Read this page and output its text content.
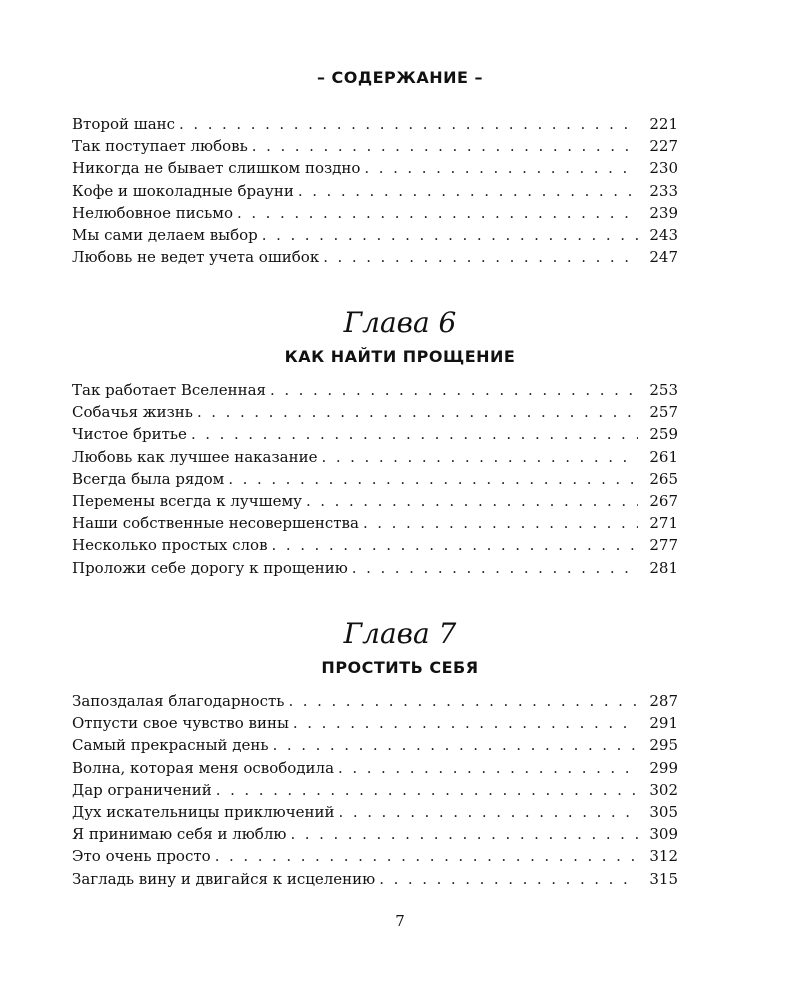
– СОДЕРЖАНИЕ –
Второй шанс . . .	221
Так поступает любовь . . .	227
Никогда не бывает слишком поздно . . .	230
Кофе и шоколадные брауни . . .	233
Нелюбовное письмо . . .	239
Мы сами делаем выбор . . .	243
Любовь не ведет учета ошибок . . .	247
Глава 6
КАК НАЙТИ ПРОЩЕНИЕ
Так работает Вселенная . . .	253
Собачья жизнь . . .	257
Чистое бритье . . .	259
Любовь как лучшее наказание . . .	261
Всегда была рядом . . .	265
Перемены всегда к лучшему . . .	267
Наши собственные несовершенства . . .	271
Несколько простых слов . . .	277
Проложи себе дорогу к прощению . . .	281
Глава 7
ПРОСТИТЬ СЕБЯ
Запоздалая благодарность . . .	287
Отпусти свое чувство вины . . .	291
Самый прекрасный день . . .	295
Волна, которая меня освободила . . .	299
Дар ограничений . . .	302
Дух искательницы приключений . . .	305
Я принимаю себя и люблю . . .	309
Это очень просто . . .	312
Загладь вину и двигайся к исцелению . . .	315
7
